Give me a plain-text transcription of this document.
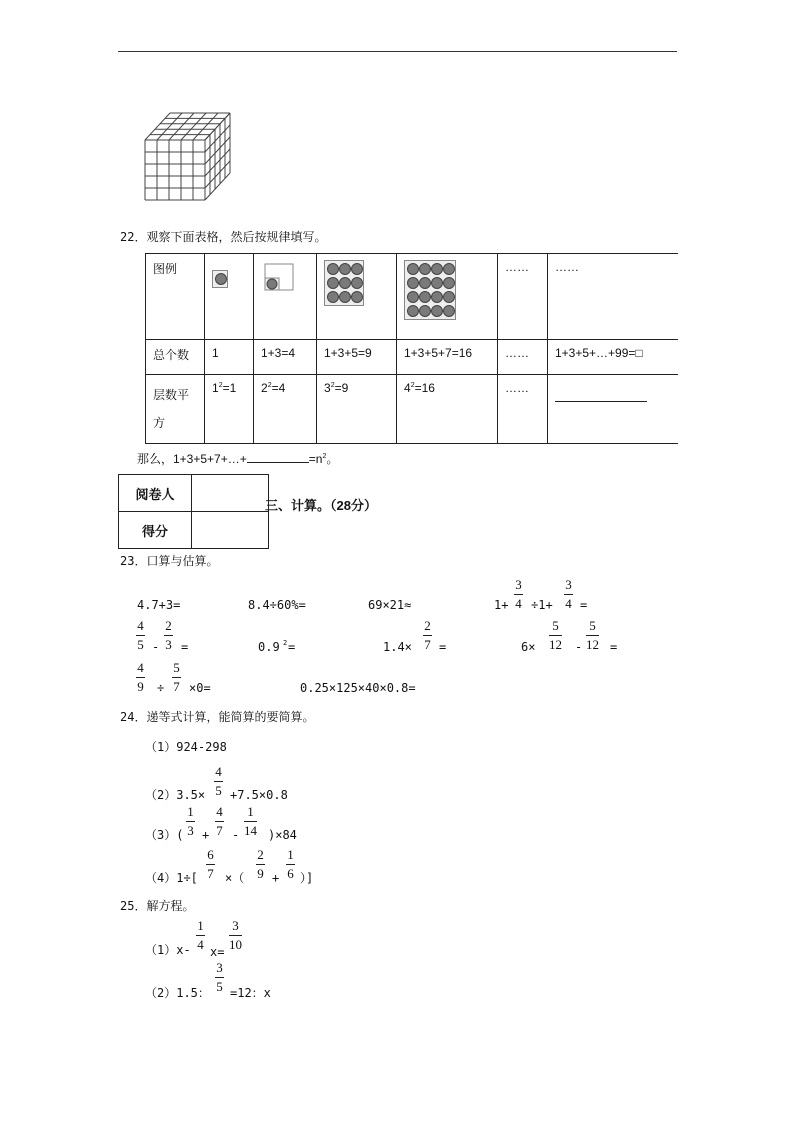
22．观察下面表格，然后按规律填写。
图例					……	……
总个数	1	1+3=4	1+3+5=9	1+3+5+7=16	……	1+3+5+…+99=□
层数平方	$1^2=1$	$2^2=4$	$3^2=9$	$4^2=16$	……	
那么，1+3+5+7+…+	$=n^2$。
阅卷人	
得分	
三、计算。（28分）
23．口算与估算。
24．递等式计算，能简算的要简算。
（1）924-298
25．解方程。
4.7+3=	8.4÷60%=	69×21≈	1+
3
4 ÷1+
3
4 =
4
5 -
2
3 =	0.9 2 =	1.4×
2
7 =	6×
5
12 -
5
12 =
4
9 ÷
5
7 ×0=	0.25×125×40×0.8=
（2）3.5×
4
5 +7.5×0.8
（3）(
1
3 +
4
7 -
1
14 )×84
（4）1÷[
6
7 ×（
2
9 +
1
6 ）]
（1）x-
1
4 x=
3
10
（2）1.5：
3
5 =12：x
